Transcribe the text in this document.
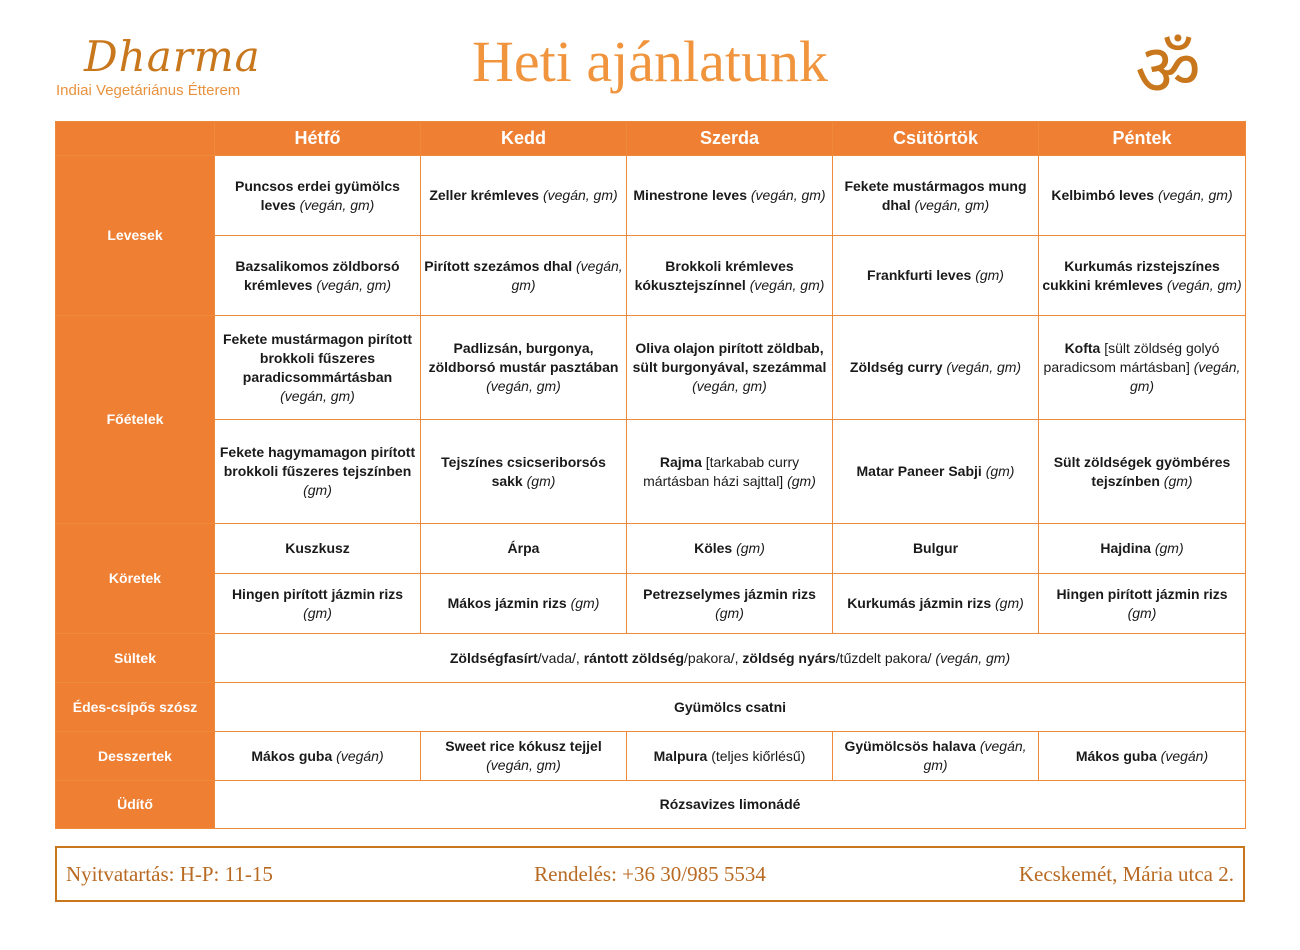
Dharma
Indiai Vegetáriánus Étterem	Heti ajánlatunk	ॐ
	Hétfő	Kedd	Szerda	Csütörtök	Péntek
Levesek	Puncsos erdei gyümölcs leves (vegán, gm)	Zeller krémleves (vegán, gm)	Minestrone leves (vegán, gm)	Fekete mustármagos mung dhal (vegán, gm)	Kelbimbó leves (vegán, gm)
	Bazsalikomos zöldborsó krémleves (vegán, gm)	Pirított szezámos dhal (vegán, gm)	Brokkoli krémleves kókusztejszínnel (vegán, gm)	Frankfurti leves (gm)	Kurkumás rizstejszínes cukkini krémleves (vegán, gm)
Főételek	Fekete mustármagon pirított brokkoli fűszeres paradicsommártásban (vegán, gm)	Padlizsán, burgonya, zöldborsó mustár pasztában (vegán, gm)	Oliva olajon pirított zöldbab, sült burgonyával, szezámmal (vegán, gm)	Zöldség curry (vegán, gm)	Kofta [sült zöldség golyó paradicsom mártásban] (vegán, gm)
	Fekete hagymamagon pirított brokkoli fűszeres tejszínben (gm)	Tejszínes csicseriborsós sakk (gm)	Rajma [tarkabab curry mártásban házi sajttal] (gm)	Matar Paneer Sabji (gm)	Sült zöldségek gyömbéres tejszínben (gm)
Köretek	Kuszkusz	Árpa	Köles (gm)	Bulgur	Hajdina (gm)
	Hingen pirított jázmin rizs (gm)	Mákos jázmin rizs (gm)	Petrezselymes jázmin rizs (gm)	Kurkumás jázmin rizs (gm)	Hingen pirított jázmin rizs (gm)
Sültek	Zöldségfasírt/vada/, rántott zöldség/pakora/, zöldség nyárs/tűzdelt pakora/ (vegán, gm)				
Édes-csípős szósz	Gyümölcs csatni				
Desszertek	Mákos guba (vegán)	Sweet rice kókusz tejjel (vegán, gm)	Malpura (teljes kiőrlésű)	Gyümölcsös halava (vegán, gm)	Mákos guba (vegán)
Üdítő	Rózsavizes limonádé				
Nyitvatartás: H-P: 11-15	Rendelés: +36 30/985 5534	Kecskemét, Mária utca 2.
